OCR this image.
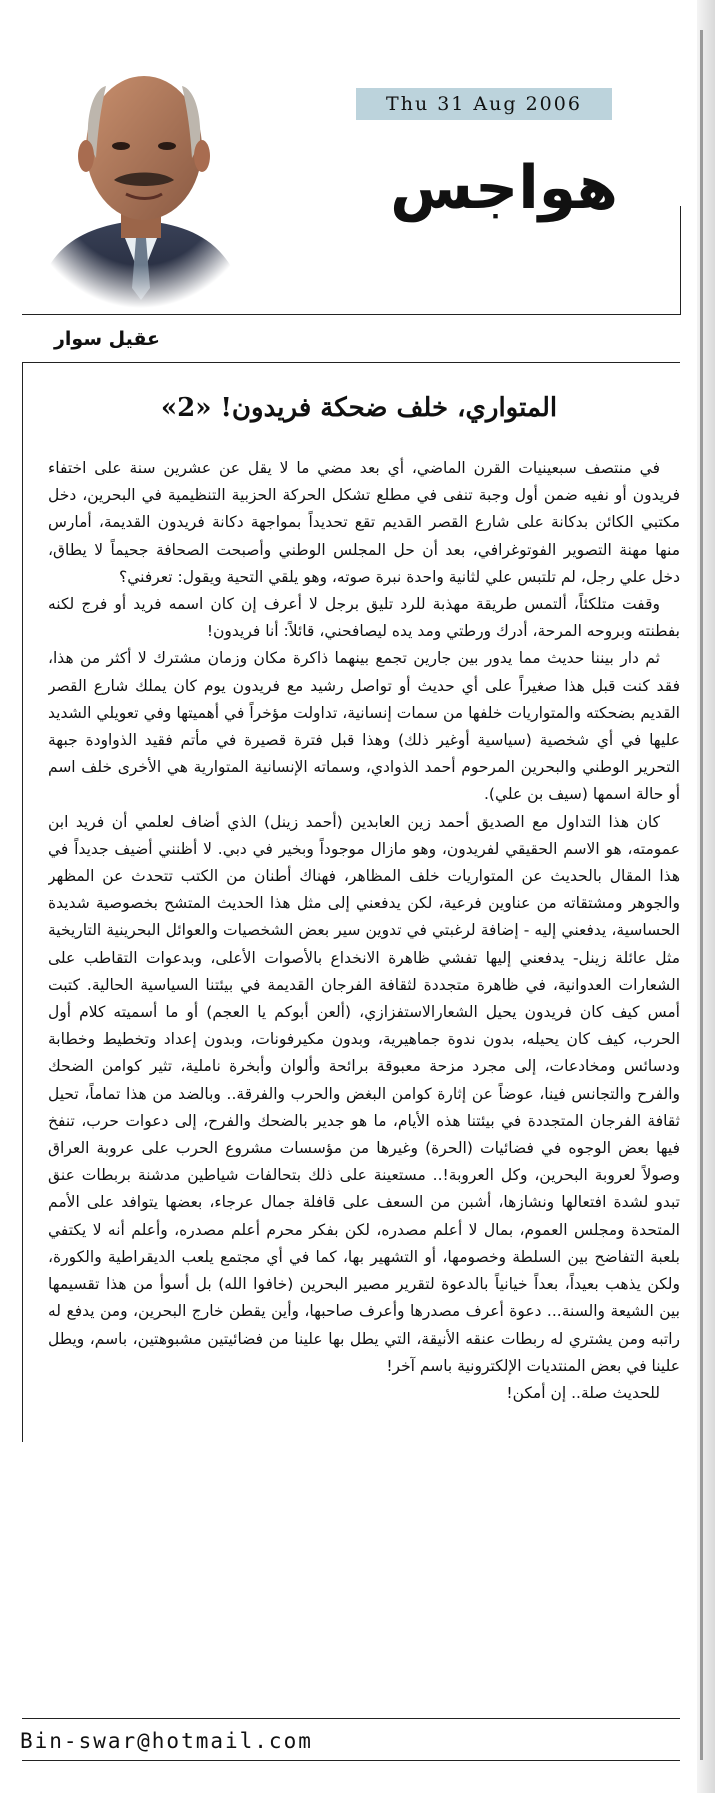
Thu 31 Aug 2006
هواجس
عقيل سوار
المتواري، خلف ضحكة فريدون! «2»

في منتصف سبعينيات القرن الماضي، أي بعد مضي ما لا يقل عن عشرين سنة على اختفاء فريدون أو نفيه ضمن أول وجبة تنفى في مطلع تشكل الحركة الحزبية التنظيمية في البحرين، دخل مكتبي الكائن بدكانة على شارع القصر القديم تقع تحديداً بمواجهة دكانة فريدون القديمة، أمارس منها مهنة التصوير الفوتوغرافي، بعد أن حل المجلس الوطني وأصبحت الصحافة جحيماً لا يطاق، دخل علي رجل، لم تلتبس علي لثانية واحدة نبرة صوته، وهو يلقي التحية ويقول: تعرفني؟

وقفت متلكئاً، ألتمس طريقة مهذبة للرد تليق برجل لا أعرف إن كان اسمه فريد أو فرج لكنه بفطنته وبروحه المرحة، أدرك ورطتي ومد يده ليصافحني، قائلاً: أنا فريدون!

ثم دار بيننا حديث مما يدور بين جارين تجمع بينهما ذاكرة مكان وزمان مشترك لا أكثر من هذا، فقد كنت قبل هذا صغيراً على أي حديث أو تواصل رشيد مع فريدون يوم كان يملك شارع القصر القديم بضحكته والمتواريات خلفها من سمات إنسانية، تداولت مؤخراً في أهميتها وفي تعويلي الشديد عليها في أي شخصية (سياسية أوغير ذلك) وهذا قبل فترة قصيرة في مأتم فقيد الذواودة جبهة التحرير الوطني والبحرين المرحوم أحمد الذوادي، وسماته الإنسانية المتوارية هي الأخرى خلف اسم أو حالة اسمها (سيف بن علي).

كان هذا التداول مع الصديق أحمد زين العابدين (أحمد زينل) الذي أضاف لعلمي أن فريد ابن عمومته، هو الاسم الحقيقي لفريدون، وهو مازال موجوداً وبخير في دبي. لا أظنني أضيف جديداً في هذا المقال بالحديث عن المتواريات خلف المظاهر، فهناك أطنان من الكتب تتحدث عن المظهر والجوهر ومشتقاته من عناوين فرعية، لكن يدفعني إلى مثل هذا الحديث المتشح بخصوصية شديدة الحساسية، يدفعني إليه - إضافة لرغبتي في تدوين سير بعض الشخصيات والعوائل البحرينية التاريخية مثل عائلة زينل- يدفعني إليها تفشي ظاهرة الانخداع بالأصوات الأعلى، وبدعوات التقاطب على الشعارات العدوانية، في ظاهرة متجددة لثقافة الفرجان القديمة في بيئتنا السياسية الحالية. كتبت أمس كيف كان فريدون يحيل الشعارالاستفزازي، (ألعن أبوكم يا العجم) أو ما أسميته كلام أول الحرب، كيف كان يحيله، بدون ندوة جماهيرية، وبدون مكيرفونات، وبدون إعداد وتخطيط وخطابة ودسائس ومخادعات، إلى مجرد مزحة معبوقة برائحة وألوان وأبخرة ناملية، تثير كوامن الضحك والفرح والتجانس فينا، عوضاً عن إثارة كوامن البغض والحرب والفرقة.. وبالضد من هذا تماماً، تحيل ثقافة الفرجان المتجددة في بيئتنا هذه الأيام، ما هو جدير بالضحك والفرح، إلى دعوات حرب، تنفخ فيها بعض الوجوه في فضائيات (الحرة) وغيرها من مؤسسات مشروع الحرب على عروبة العراق وصولاً لعروبة البحرين، وكل العروبة!.. مستعينة على ذلك بتحالفات شياطين مدشنة بربطات عنق تبدو لشدة افتعالها ونشازها، أشبن من السعف على قافلة جمال عرجاء، بعضها يتوافد على الأمم المتحدة ومجلس العموم، بمال لا أعلم مصدره، لكن بفكر محرم أعلم مصدره، وأعلم أنه لا يكتفي بلعبة التفاضح بين السلطة وخصومها، أو التشهير بها، كما في أي مجتمع يلعب الديقراطية والكورة، ولكن يذهب بعيداً، بعداً خيانياً بالدعوة لتقرير مصير البحرين (خافوا الله) بل أسوأ من هذا تقسيمها بين الشيعة والسنة... دعوة أعرف مصدرها وأعرف صاحبها، وأين يقطن خارج البحرين، ومن يدفع له راتبه ومن يشتري له ربطات عنقه الأنيقة، التي يطل بها علينا من فضائيتين مشبوهتين، باسم، ويطل علينا في بعض المنتديات الإلكترونية باسم آخر!

للحديث صلة.. إن أمكن!

Bin-swar@hotmail.com
